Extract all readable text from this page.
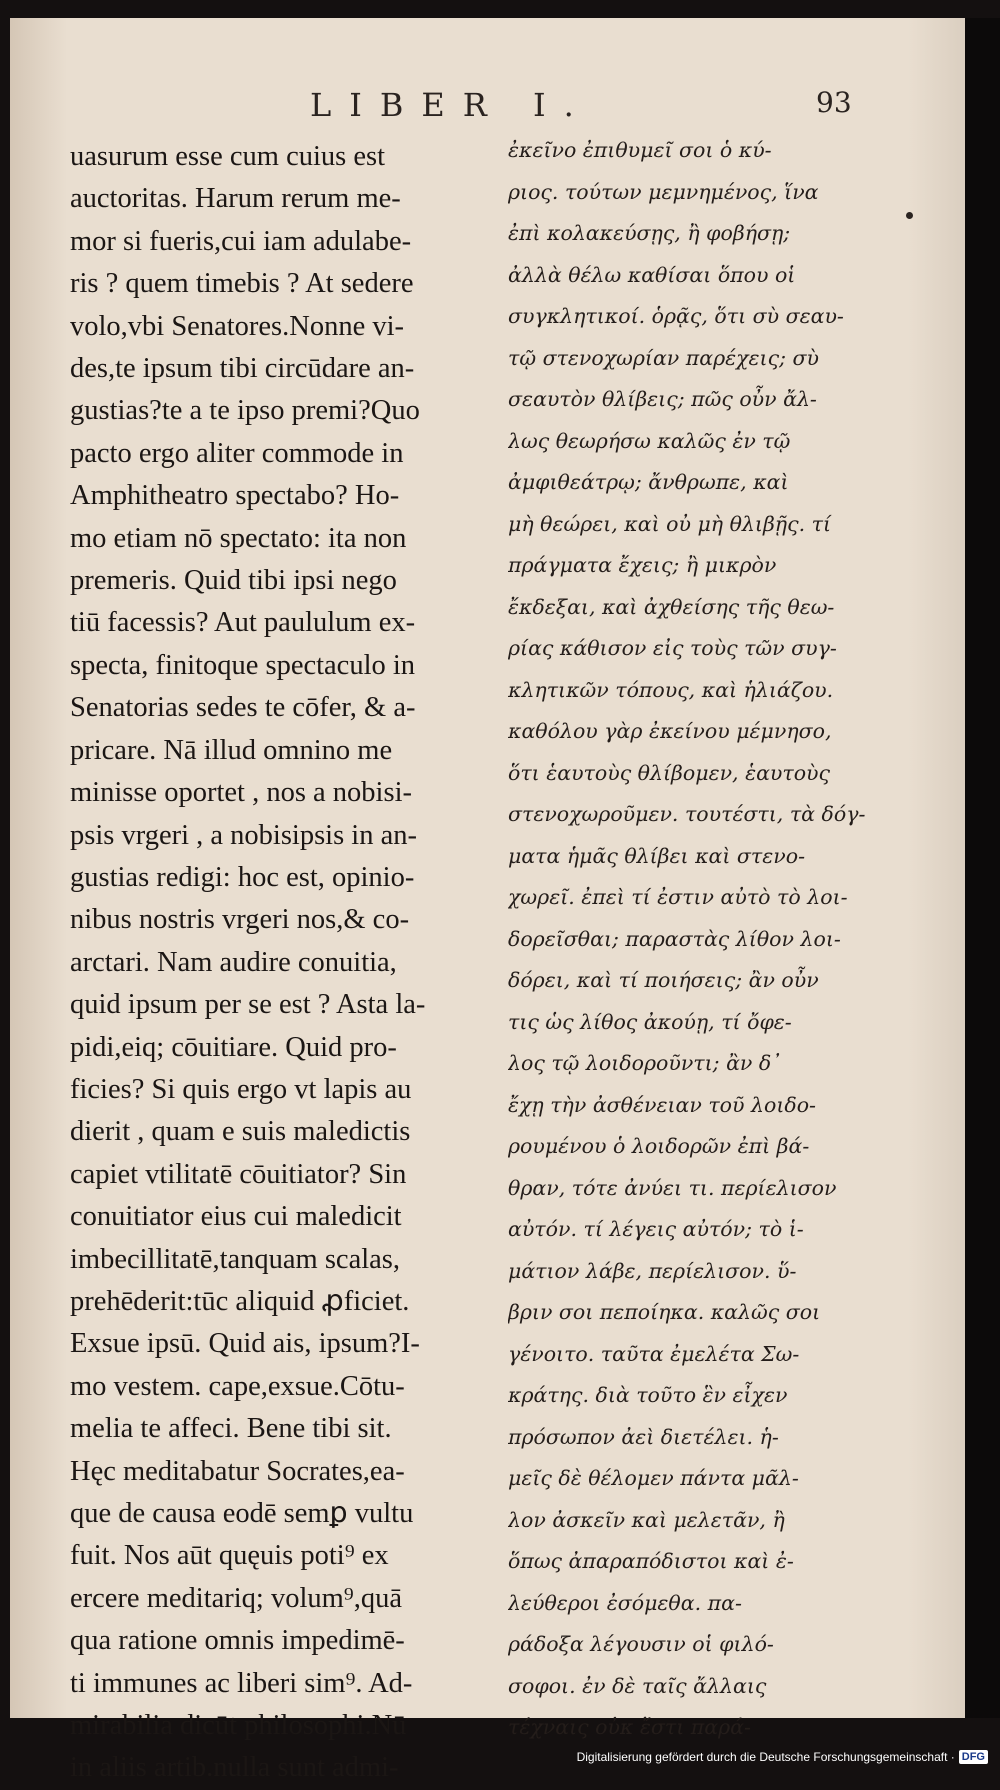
LIBER I.	93
uasurum esse cum cuius est
auctoritas. Harum rerum me-
mor si fueris,cui iam adulabe-
ris ? quem timebis ? At sedere
volo,vbi Senatores.Nonne vi-
des,te ipsum tibi circūdare an-
gustias?te a te ipso premi?Quo
pacto ergo aliter commode in
Amphitheatro spectabo? Ho-
mo etiam nō spectato: ita non
premeris. Quid tibi ipsi nego
tiū facessis? Aut paululum ex-
specta, finitoque spectaculo in
Senatorias sedes te cōfer, & a-
pricare. Nā illud omnino me
minisse oportet , nos a nobisi-
psis vrgeri , a nobisipsis in an-
gustias redigi: hoc est, opinio-
nibus nostris vrgeri nos,& co-
arctari. Nam audire conuitia,
quid ipsum per se est ? Asta la-
pidi,eiq; cōuitiare. Quid pro-
ficies? Si quis ergo vt lapis au
dierit , quam e suis maledictis
capiet vtilitatē cōuitiator? Sin
conuitiator eius cui maledicit
imbecillitatē,tanquam scalas,
prehēderit:tūc aliquid ꝓficiet.
Exsue ipsū. Quid ais, ipsum?I-
mo vestem. cape,exsue.Cōtu-
melia te affeci. Bene tibi sit.
Hęc meditabatur Socrates,ea-
que de causa eodē semꝑ vultu
fuit. Nos aūt quęuis poti⁹ ex
ercere meditariq; volum⁹,quā
qua ratione omnis impedimē-
ti immunes ac liberi sim⁹. Ad-
mirabilia dicūt philosophi.Nū
in aliis artib.nulla sunt admi-
ἐκεῖνο ἐπιθυμεῖ σοι ὁ κύ-
ριος. τούτων μεμνημένος, ἵνα
ἐπὶ κολακεύσῃς, ἢ φοβήσῃ;
ἀλλὰ θέλω καθίσαι ὅπου οἱ
συγκλητικοί. ὁρᾷς, ὅτι σὺ σεαυ-
τῷ στενοχωρίαν παρέχεις; σὺ
σεαυτὸν θλίβεις; πῶς οὖν ἄλ-
λως θεωρήσω καλῶς ἐν τῷ
ἀμφιθεάτρῳ; ἄνθρωπε, καὶ
μὴ θεώρει, καὶ οὐ μὴ θλιβῇς. τί
πράγματα ἔχεις; ἢ μικρὸν
ἔκδεξαι, καὶ ἀχθείσης τῆς θεω-
ρίας κάθισον εἰς τοὺς τῶν συγ-
κλητικῶν τόπους, καὶ ἡλιάζου.
καθόλου γὰρ ἐκείνου μέμνησο,
ὅτι ἑαυτοὺς θλίβομεν, ἑαυτοὺς
στενοχωροῦμεν. τουτέστι, τὰ δόγ-
ματα ἡμᾶς θλίβει καὶ στενο-
χωρεῖ. ἐπεὶ τί ἐστιν αὐτὸ τὸ λοι-
δορεῖσθαι; παραστὰς λίθον λοι-
δόρει, καὶ τί ποιήσεις; ἂν οὖν
τις ὡς λίθος ἀκούῃ, τί ὄφε-
λος τῷ λοιδοροῦντι; ἂν δ᾽
ἔχῃ τὴν ἀσθένειαν τοῦ λοιδο-
ρουμένου ὁ λοιδορῶν ἐπὶ βά-
θραν, τότε ἀνύει τι. περίελισον
αὐτόν. τί λέγεις αὐτόν; τὸ ἱ-
μάτιον λάβε, περίελισον. ὕ-
βριν σοι πεποίηκα. καλῶς σοι
γένοιτο. ταῦτα ἐμελέτα Σω-
κράτης. διὰ τοῦτο ἓν εἶχεν
πρόσωπον ἀεὶ διετέλει. ἡ-
μεῖς δὲ θέλομεν πάντα μᾶλ-
λον ἀσκεῖν καὶ μελετᾶν, ἢ
ὅπως ἀπαραπόδιστοι καὶ ἐ-
λεύθεροι ἐσόμεθα. πα-
ράδοξα λέγουσιν οἱ φιλό-
σοφοι. ἐν δὲ ταῖς ἄλλαις
τέχναις οὐκ ἔστι παρά-
Digitalisierung gefördert durch die Deutsche Forschungsgemeinschaft · DFG
